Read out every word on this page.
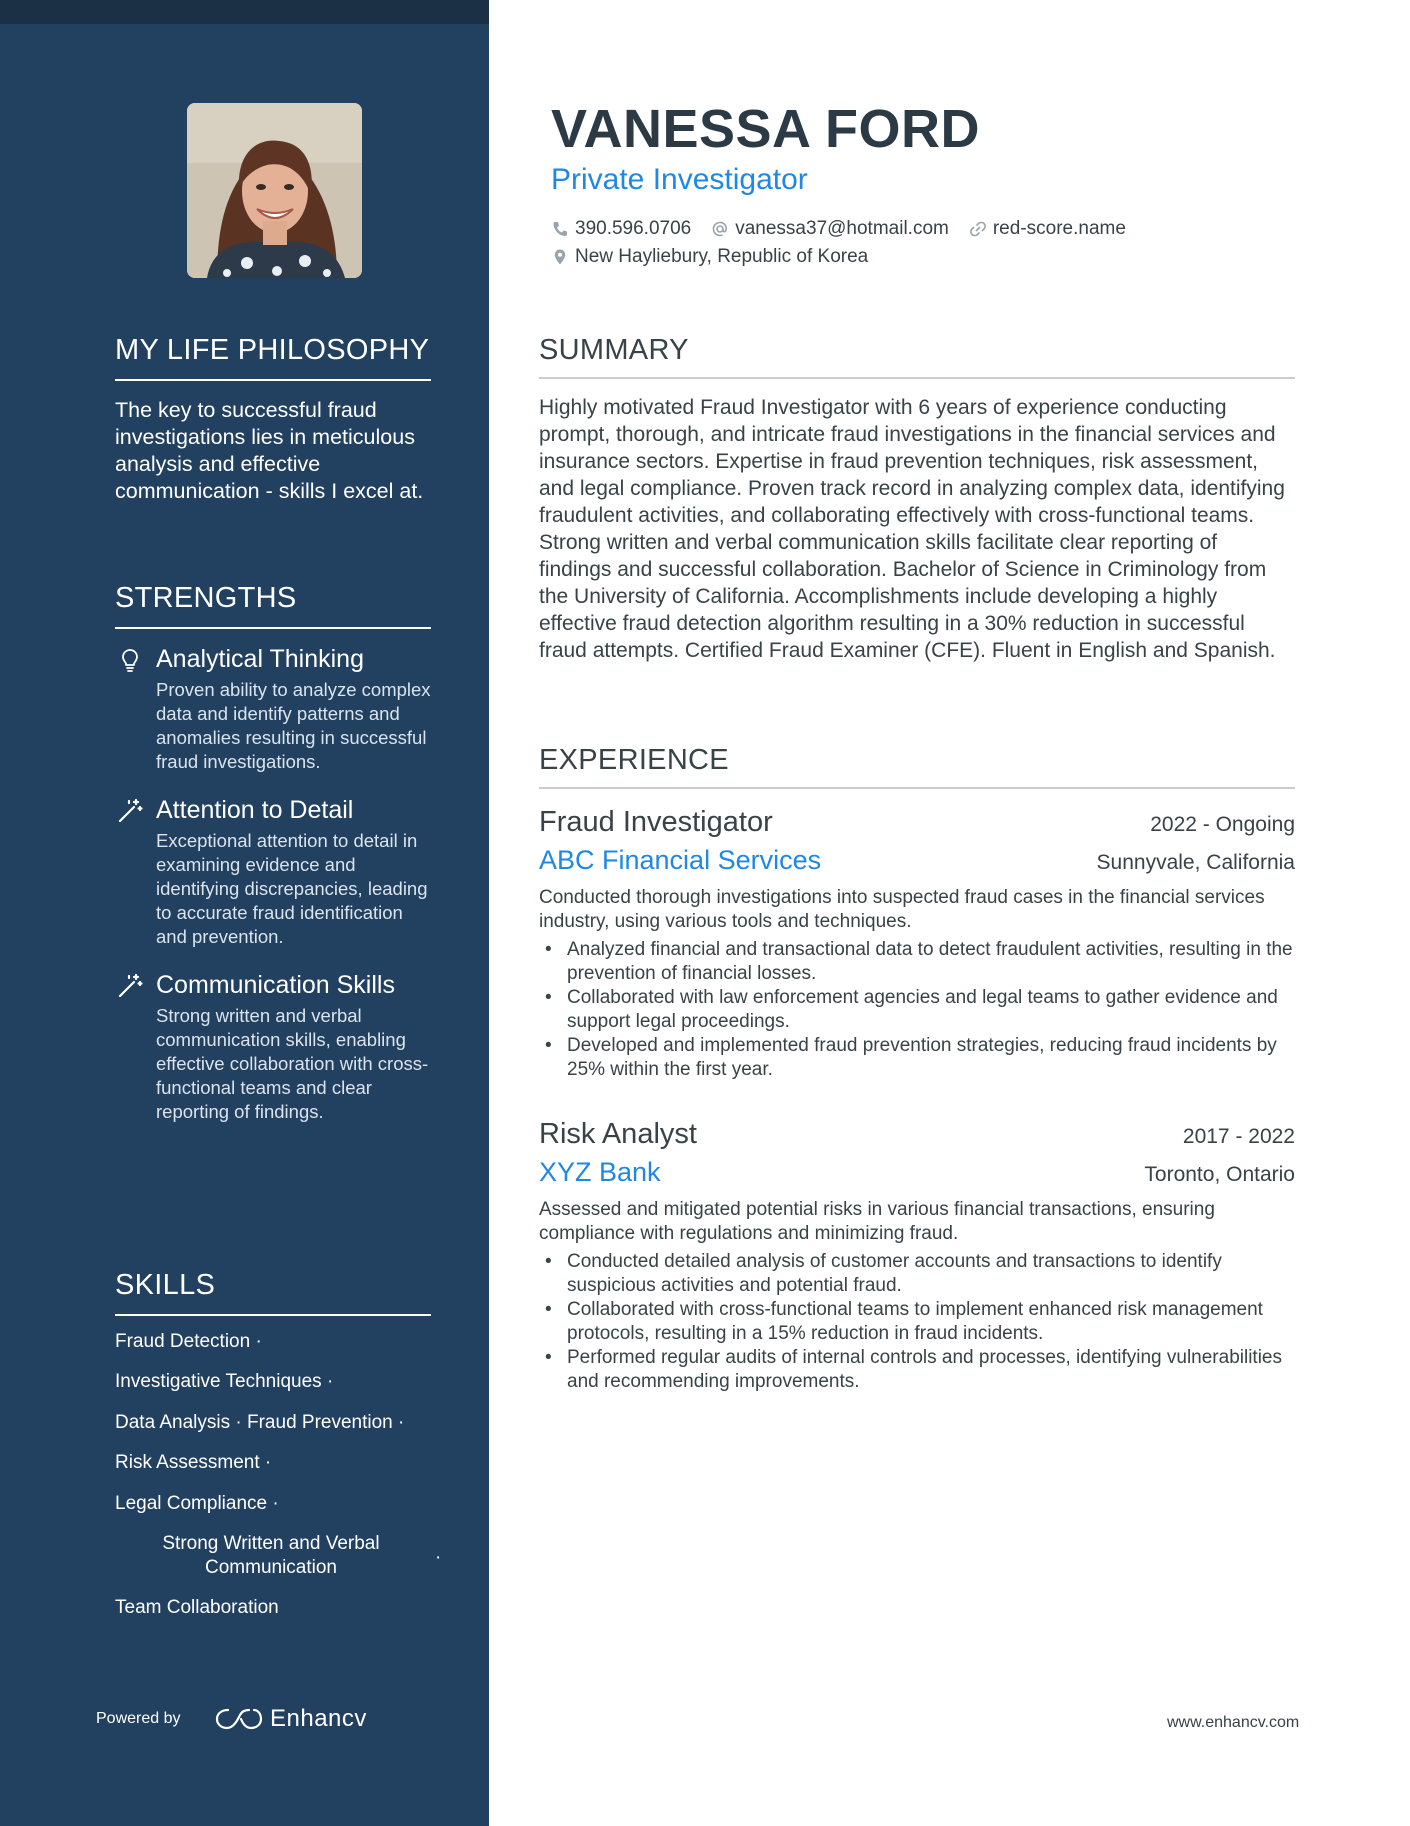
MY LIFE PHILOSOPHY
The key to successful fraud investigations lies in meticulous analysis and effective communication - skills I excel at.
STRENGTHS
Analytical Thinking
Proven ability to analyze complex data and identify patterns and anomalies resulting in successful fraud investigations.
Attention to Detail
Exceptional attention to detail in examining evidence and identifying discrepancies, leading to accurate fraud identification and prevention.
Communication Skills
Strong written and verbal communication skills, enabling effective collaboration with cross-functional teams and clear reporting of findings.
SKILLS
Fraud Detection ·
Investigative Techniques ·
Data Analysis · Fraud Prevention ·
Risk Assessment ·
Legal Compliance ·
Strong Written and Verbal Communication	·
Team Collaboration
Powered by	Enhancv
VANESSA FORD
Private Investigator
390.596.0706 vanessa37@hotmail.com red-score.name
New Hayliebury, Republic of Korea
SUMMARY
Highly motivated Fraud Investigator with 6 years of experience conducting prompt, thorough, and intricate fraud investigations in the financial services and insurance sectors. Expertise in fraud prevention techniques, risk assessment, and legal compliance. Proven track record in analyzing complex data, identifying fraudulent activities, and collaborating effectively with cross-functional teams. Strong written and verbal communication skills facilitate clear reporting of findings and successful collaboration. Bachelor of Science in Criminology from the University of California. Accomplishments include developing a highly effective fraud detection algorithm resulting in a 30% reduction in successful fraud attempts. Certified Fraud Examiner (CFE). Fluent in English and Spanish.
EXPERIENCE
Fraud Investigator	2022 - Ongoing
ABC Financial Services	Sunnyvale, California
Conducted thorough investigations into suspected fraud cases in the financial services industry, using various tools and techniques.
• Analyzed financial and transactional data to detect fraudulent activities, resulting in the prevention of financial losses.
• Collaborated with law enforcement agencies and legal teams to gather evidence and support legal proceedings.
• Developed and implemented fraud prevention strategies, reducing fraud incidents by 25% within the first year.
Risk Analyst	2017 - 2022
XYZ Bank	Toronto, Ontario
Assessed and mitigated potential risks in various financial transactions, ensuring compliance with regulations and minimizing fraud.
• Conducted detailed analysis of customer accounts and transactions to identify suspicious activities and potential fraud.
• Collaborated with cross-functional teams to implement enhanced risk management protocols, resulting in a 15% reduction in fraud incidents.
• Performed regular audits of internal controls and processes, identifying vulnerabilities and recommending improvements.
www.enhancv.com
